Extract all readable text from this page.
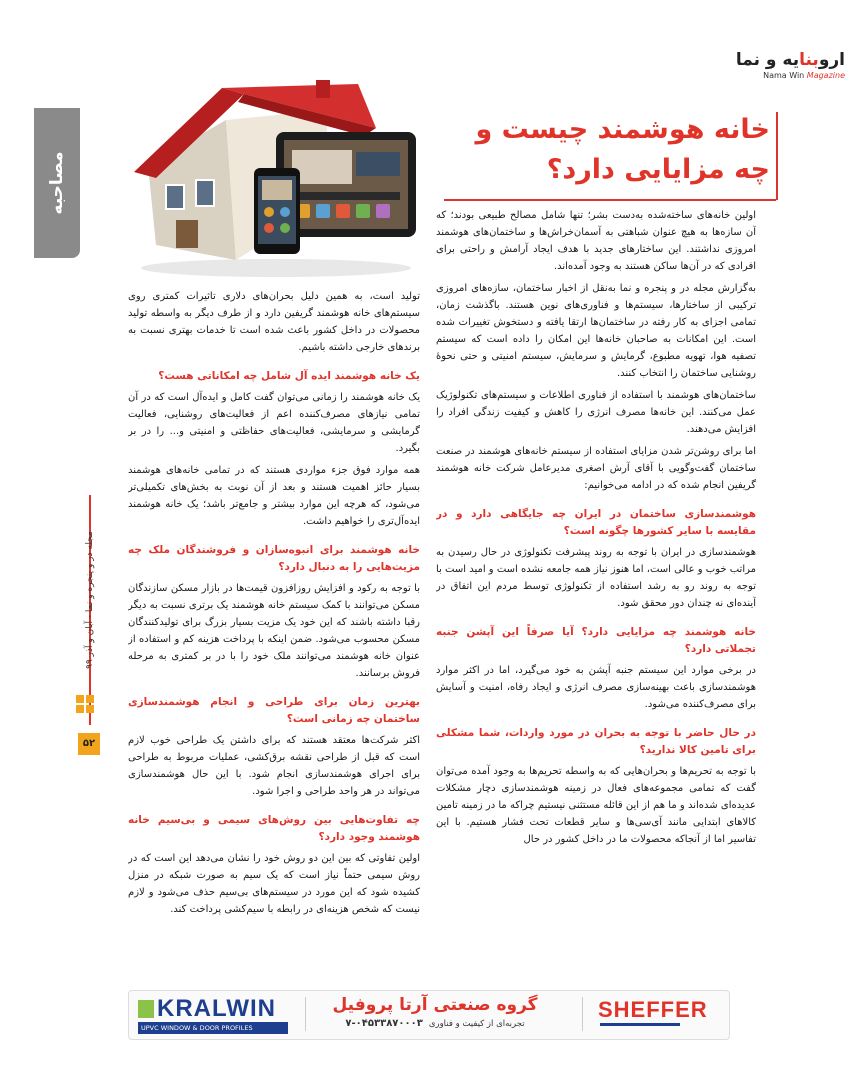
اروبنایه و نما
Nama Win Magazine
مصاحبه
مجله در و پنجره و نما - آبان و آذر ۹۹
۵۲
خانه هوشمند چیست و
چه مزایایی دارد؟

اولین خانه‌های ساخته‌شده به‌دست بشر؛ تنها شامل مصالح طبیعی بودند؛ که آن سازه‌ها به هیچ عنوان شباهتی به آسمان‌خراش‌ها و ساختمان‌های هوشمند امروزی نداشتند. این ساختارهای جدید با هدف ایجاد آرامش و راحتی برای افرادی که در آن‌ها ساکن هستند به وجود آمده‌اند.

به‌گزارش مجله در و پنجره و نما به‌نقل از اخبار ساختمان، سازه‌های امروزی ترکیبی از ساختارها، سیستم‌ها و فناوری‌های نوین هستند. باگذشت زمان، تمامی اجزای به کار رفته در ساختمان‌ها ارتقا یافته و دستخوش تغییرات شده است. این امکانات به صاحبان خانه‌ها این امکان را داده است که سیستم تصفیه هوا، تهویه مطبوع، گرمایش و سرمایش، سیستم امنیتی و حتی نحوهٔ روشنایی ساختمان را انتخاب کنند.

ساختمان‌های هوشمند با استفاده از فناوری اطلاعات و سیستم‌های تکنولوژیک عمل می‌کنند. این خانه‌ها مصرف انرژی را کاهش و کیفیت زندگی افراد را افزایش می‌دهند.

اما برای روشن‌تر شدن مزایای استفاده از سیستم خانه‌های هوشمند در صنعت ساختمان گفت‌وگویی با آقای آرش اصغری مدیرعامل شرکت خانه هوشمند گریفین انجام شده که در ادامه می‌خوانیم:

هوشمندسازی ساختمان در ایران چه جایگاهی دارد و در مقایسه با سایر کشورها چگونه است؟

هوشمندسازی در ایران با توجه به روند پیشرفت تکنولوژی در حال رسیدن به مراتب خوب و عالی است، اما هنوز نیاز همه جامعه نشده است و امید است با توجه به روند رو به رشد استفاده از تکنولوژی توسط مردم این اتفاق در آینده‌ای نه چندان دور محقق شود.

خانه هوشمند چه مزایایی دارد؟ آیا صرفاً این آپشن جنبه تجملاتی دارد؟

در برخی موارد این سیستم جنبه آپشن به خود می‌گیرد، اما در اکثر موارد هوشمندسازی باعث بهینه‌سازی مصرف انرژی و ایجاد رفاه، امنیت و آسایش برای مصرف‌کننده می‌شود.

در حال حاضر با توجه به بحران در مورد واردات، شما مشکلی برای تامین کالا ندارید؟

با توجه به تحریم‌ها و بحران‌هایی که به واسطه تحریم‌ها به وجود آمده می‌توان گفت که تمامی مجموعه‌های فعال در زمینه هوشمندسازی دچار مشکلات عدیده‌ای شده‌اند و ما هم از این قائله مستثنی نیستیم چراکه ما در زمینه تامین کالاهای ابتدایی مانند آی‌سی‌ها و سایر قطعات تحت فشار هستیم. با این تفاسیر اما از آنجاکه محصولات ما در داخل کشور در حال

تولید است، به همین دلیل بحران‌های دلاری تاثیرات کمتری روی سیستم‌های خانه هوشمند گریفین دارد و از طرف دیگر به واسطه تولید محصولات در داخل کشور باعث شده است تا خدمات بهتری نسبت به برندهای خارجی داشته باشیم.

یک خانه هوشمند ایده آل شامل چه امکاناتی هست؟

یک خانه هوشمند را زمانی می‌توان گفت کامل و ایده‌آل است که در آن تمامی نیازهای مصرف‌کننده اعم از فعالیت‌های روشنایی، فعالیت گرمایشی و سرمایشی، فعالیت‌های حفاظتی و امنیتی و... را در بر بگیرد.

همه موارد فوق جزء مواردی هستند که در تمامی خانه‌های هوشمند بسیار حائز اهمیت هستند و بعد از آن نوبت به بخش‌های تکمیلی‌تر می‌شود، که هرچه این موارد بیشتر و جامع‌تر باشد؛ یک خانه هوشمند ایده‌آل‌تری را خواهیم داشت.

خانه هوشمند برای انبوه‌سازان و فروشندگان ملک چه مزیت‌هایی را به دنبال دارد؟

با توجه به رکود و افزایش روزافزون قیمت‌ها در بازار مسکن سازندگان مسکن می‌توانند با کمک سیستم خانه هوشمند یک برتری نسبت به دیگر رقبا داشته باشند که این خود یک مزیت بسیار بزرگ برای تولیدکنندگان مسکن محسوب می‌شود. ضمن اینکه با پرداخت هزینه کم و استفاده از عنوان خانه هوشمند می‌توانند ملک خود را با در بر کمتری به مرحله فروش برسانند.

بهترین زمان برای طراحی و انجام هوشمندسازی ساختمان چه زمانی است؟

اکثر شرکت‌ها معتقد هستند که برای داشتن یک طراحی خوب لازم است که قبل از طراحی نقشه برق‌کشی، عملیات مربوط به طراحی برای اجرای هوشمندسازی انجام شود. با این حال هوشمندسازی می‌تواند در هر واحد طراحی و اجرا شود.

چه تفاوت‌هایی بین روش‌های سیمی و بی‌سیم خانه هوشمند وجود دارد؟

اولین تفاوتی که بین این دو روش خود را نشان می‌دهد این است که در روش سیمی حتماً نیاز است که یک سیم به صورت شبکه در منزل کشیده شود که این مورد در سیستم‌های بی‌سیم حذف می‌شود و لازم نیست که شخص هزینه‌ای در رابطه با سیم‌کشی پرداخت کند.

KRALWIN
UPVC WINDOW & DOOR PROFILES
گروه صنعتی آرتا پروفیل
تجربه‌ای از کیفیت و فناوری۰۴۵۳۳۸۷۰۰۰۳-۷
SHEFFER
